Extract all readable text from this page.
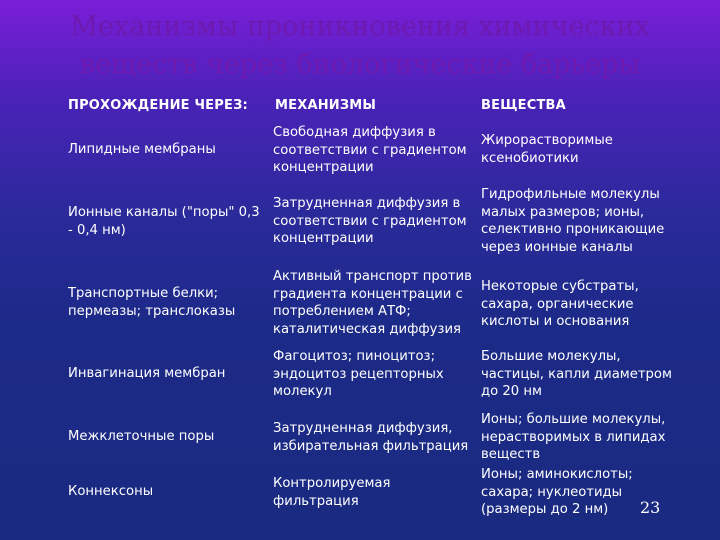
Механизмы проникновения химических
веществ через биологические барьеры
ПРОХОЖДЕНИЕ ЧЕРЕЗ: МЕХАНИЗМЫ	ВЕЩЕСТВА
Липидные мембраны
Свободная диффузия в
соответствии с градиентом
концентрации
Жирорастворимые
ксенобиотики
Ионные каналы ("поры" 0,3
- 0,4 нм)
Затрудненная диффузия в
соответствии с градиентом
концентрации
Гидрофильные молекулы
малых размеров; ионы,
селективно проникающие
через ионные каналы
Транспортные белки;
пермеазы; транслоказы
Активный транспорт против
градиента концентрации с
потреблением АТФ;
каталитическая диффузия
Некоторые субстраты,
сахара, органические
кислоты и основания
Инвагинация мембран
Фагоцитоз; пиноцитоз;
эндоцитоз рецепторных
молекул
Большие молекулы,
частицы, капли диаметром
до 20 нм
Межклеточные поры
Затрудненная диффузия,
избирательная фильтрация
Ионы; большие молекулы,
нерастворимых в липидах
веществ
Коннексоны
Контролируемая
фильтрация
Ионы; аминокислоты;
сахара; нуклеотиды
(размеры до 2 нм)	23
